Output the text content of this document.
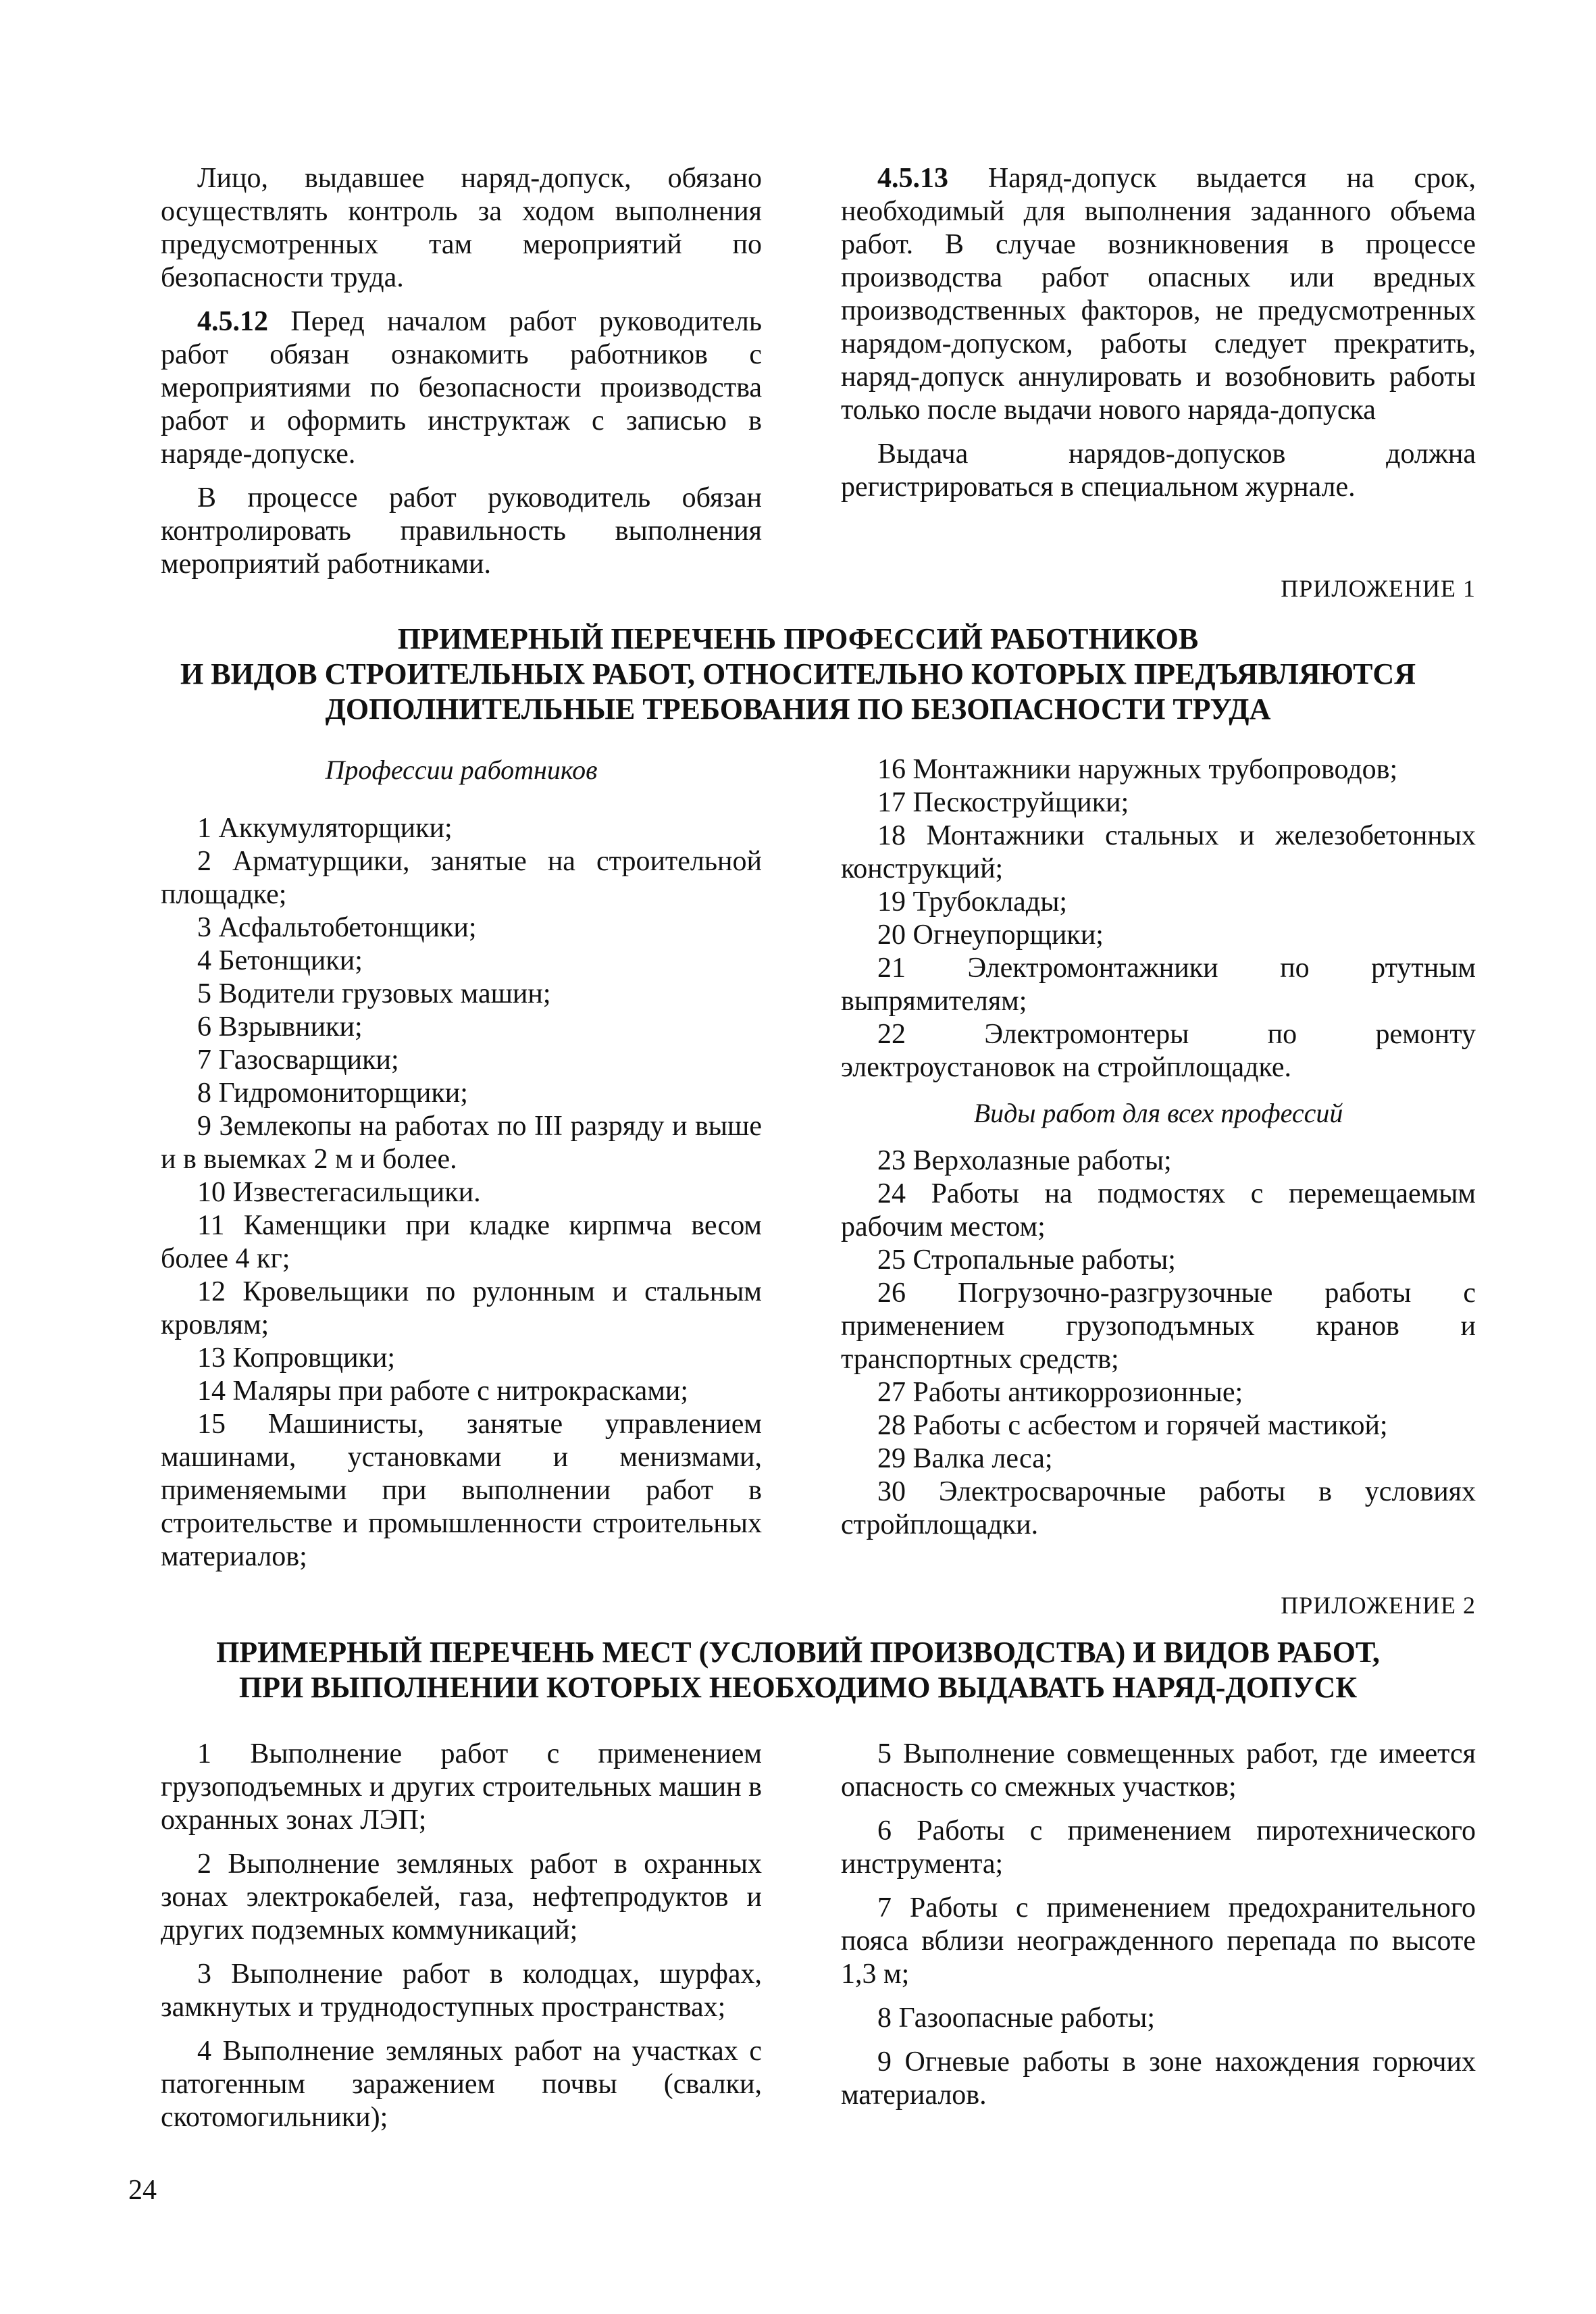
Лицо, выдавшее наряд-допуск, обязано осуществлять контроль за ходом выполнения предусмотренных там мероприятий по безопасности труда.

4.5.12 Перед началом работ руководитель работ обязан ознакомить работников с мероприятиями по безопасности производства работ и оформить инструктаж с записью в наряде-допуске.

В процессе работ руководитель обязан контролировать правильность выполнения мероприятий работниками.

4.5.13 Наряд-допуск выдается на срок, необходимый для выполнения заданного объема работ. В случае возникновения в процессе производства работ опасных или вредных производственных факторов, не предусмотренных нарядом-допуском, работы следует прекратить, наряд-допуск аннулировать и возобновить работы только после выдачи нового наряда-допуска

Выдача нарядов-допусков должна регистрироваться в специальном журнале.

ПРИЛОЖЕНИЕ 1
ПРИМЕРНЫЙ ПЕРЕЧЕНЬ ПРОФЕССИЙ РАБОТНИКОВ
И ВИДОВ СТРОИТЕЛЬНЫХ РАБОТ, ОТНОСИТЕЛЬНО КОТОРЫХ ПРЕДЪЯВЛЯЮТСЯ
ДОПОЛНИТЕЛЬНЫЕ ТРЕБОВАНИЯ ПО БЕЗОПАСНОСТИ ТРУДА

Профессии работников

1 Аккумуляторщики;

2 Арматурщики, занятые на строительной площадке;

3 Асфальтобетонщики;

4 Бетонщики;

5 Водители грузовых машин;

6 Взрывники;

7 Газосварщики;

8 Гидромониторщики;

9 Землекопы на работах по III разряду и выше и в выемках 2 м и более.

10 Известегасильщики.

11 Каменщики при кладке кирпмча весом более 4 кг;

12 Кровельщики по рулонным и стальным кровлям;

13 Копровщики;

14 Маляры при работе с нитрокрасками;

15 Машинисты, занятые управлением машинами, установками и менизмами, применяемыми при выполнении работ в строительстве и промышленности строительных материалов;

16 Монтажники наружных трубопроводов;

17 Пескоструйщики;

18 Монтажники стальных и железобетонных конструкций;

19 Трубоклады;

20 Огнеупорщики;

21 Электромонтажники по ртутным выпрямителям;

22 Электромонтеры по ремонту электроустановок на стройплощадке.

Виды работ для всех профессий

23 Верхолазные работы;

24 Работы на подмостях с перемещаемым рабочим местом;

25 Стропальные работы;

26 Погрузочно-разгрузочные работы с применением грузоподъмных кранов и транспортных средств;

27 Работы антикоррозионные;

28 Работы с асбестом и горячей мастикой;

29 Валка леса;

30 Электросварочные работы в условиях стройплощадки.

ПРИЛОЖЕНИЕ 2
ПРИМЕРНЫЙ ПЕРЕЧЕНЬ МЕСТ (УСЛОВИЙ ПРОИЗВОДСТВА) И ВИДОВ РАБОТ,
ПРИ ВЫПОЛНЕНИИ КОТОРЫХ НЕОБХОДИМО ВЫДАВАТЬ НАРЯД-ДОПУСК

1 Выполнение работ с применением грузоподъемных и других строительных машин в охранных зонах ЛЭП;

2 Выполнение земляных работ в охранных зонах электрокабелей, газа, нефтепродуктов и других подземных коммуникаций;

3 Выполнение работ в колодцах, шурфах, замкнутых и труднодоступных пространствах;

4 Выполнение земляных работ на участках с патогенным заражением почвы (свалки, скотомогильники);

5 Выполнение совмещенных работ, где имеется опасность со смежных участков;

6 Работы с применением пиротехнического инструмента;

7 Работы с применением предохранительного пояса вблизи неогражденного перепада по высоте 1,3 м;

8 Газоопасные работы;

9 Огневые работы в зоне нахождения горючих материалов.

24
